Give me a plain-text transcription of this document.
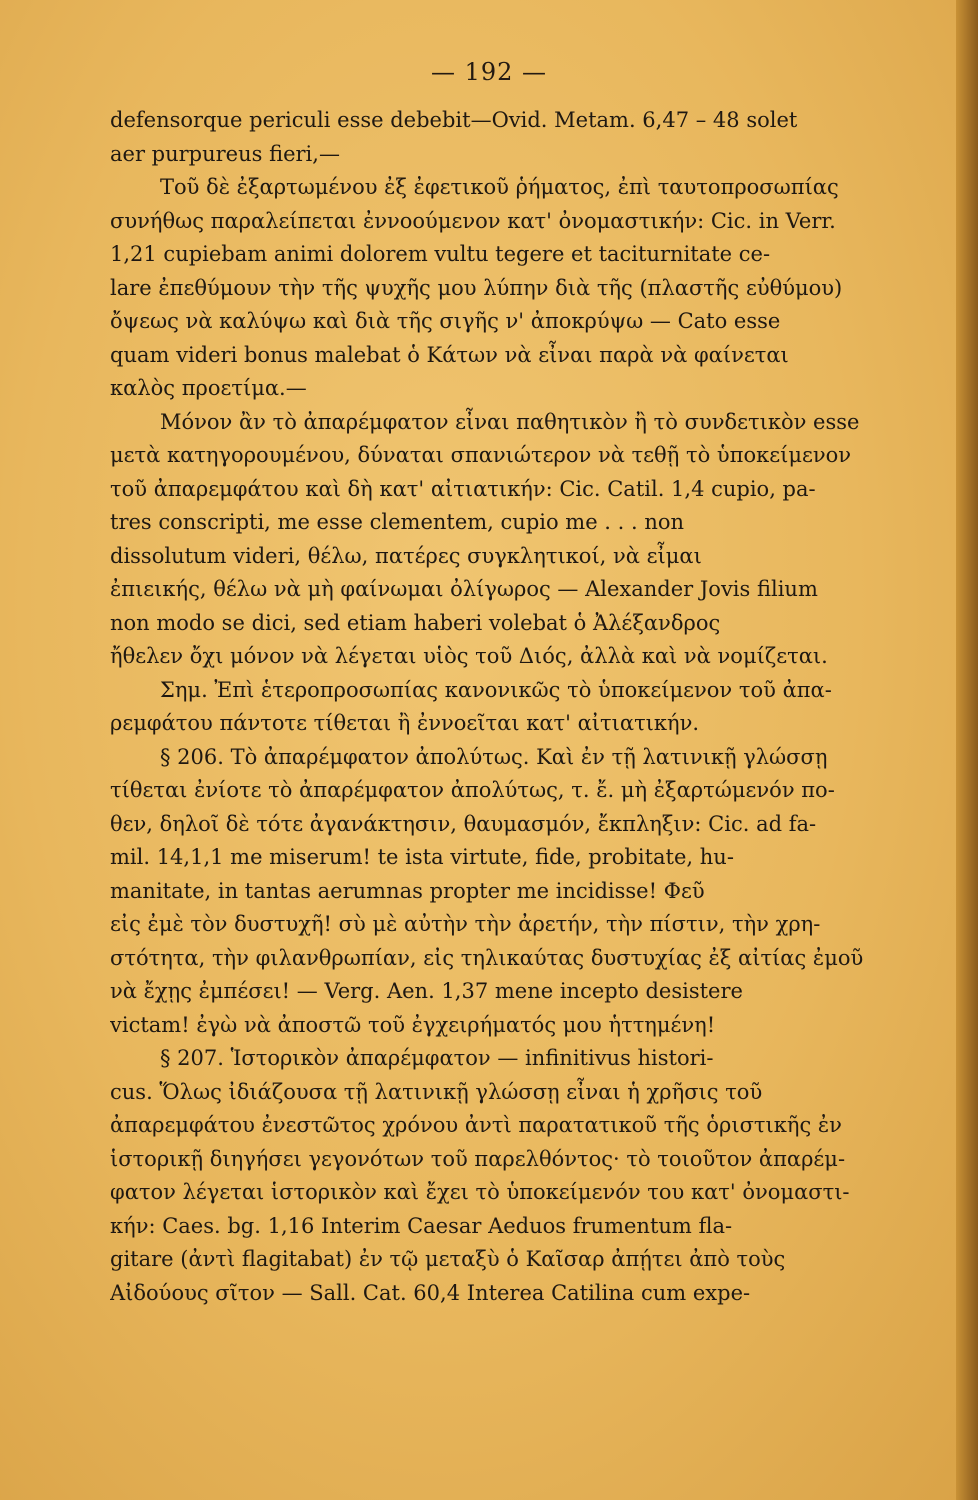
— 192 —
defensorque periculi esse debebit—Ovid. Metam. 6,47 – 48 solet
aer purpureus fieri,—
Τοῦ δὲ ἐξαρτωμένου ἐξ ἐφετικοῦ ῥήματος, ἐπὶ ταυτοπροσωπίας
συνήθως παραλείπεται ἐννοούμενον κατ' ὀνομαστικήν: Cic. in Verr.
1,21 cupiebam animi dolorem vultu tegere et taciturnitate ce-
lare ἐπεθύμουν τὴν τῆς ψυχῆς μου λύπην διὰ τῆς (πλαστῆς εὐθύμου)
ὄψεως νὰ καλύψω καὶ διὰ τῆς σιγῆς ν' ἀποκρύψω — Cato esse
quam videri bonus malebat ὁ Κάτων νὰ εἶναι παρὰ νὰ φαίνεται
καλὸς προετίμα.—
Μόνον ἂν τὸ ἀπαρέμφατον εἶναι παθητικὸν ἢ τὸ συνδετικὸν esse
μετὰ κατηγορουμένου, δύναται σπανιώτερον νὰ τεθῇ τὸ ὑποκείμενον
τοῦ ἀπαρεμφάτου καὶ δὴ κατ' αἰτιατικήν: Cic. Catil. 1,4 cupio, pa-
tres conscripti, me esse clementem, cupio me . . . non
dissolutum videri, θέλω, πατέρες συγκλητικοί, νὰ εἶμαι
ἐπιεικής, θέλω νὰ μὴ φαίνωμαι ὀλίγωρος — Alexander Jovis filium
non modo se dici, sed etiam haberi volebat ὁ Ἀλέξανδρος
ἤθελεν ὄχι μόνον νὰ λέγεται υἱὸς τοῦ Διός, ἀλλὰ καὶ νὰ νομίζεται.
Σημ. Ἐπὶ ἑτεροπροσωπίας κανονικῶς τὸ ὑποκείμενον τοῦ ἀπα-
ρεμφάτου πάντοτε τίθεται ἢ ἐννοεῖται κατ' αἰτιατικήν.
§ 206. Τὸ ἀπαρέμφατον ἀπολύτως. Καὶ ἐν τῇ λατινικῇ γλώσσῃ
τίθεται ἐνίοτε τὸ ἀπαρέμφατον ἀπολύτως, τ. ἔ. μὴ ἐξαρτώμενόν πο-
θεν, δηλοῖ δὲ τότε ἀγανάκτησιν, θαυμασμόν, ἔκπληξιν: Cic. ad fa-
mil. 14,1,1 me miserum! te ista virtute, fide, probitate, hu-
manitate, in tantas aerumnas propter me incidisse! Φεῦ
εἰς ἐμὲ τὸν δυστυχῆ! σὺ μὲ αὐτὴν τὴν ἀρετήν, τὴν πίστιν, τὴν χρη-
στότητα, τὴν φιλανθρωπίαν, εἰς τηλικαύτας δυστυχίας ἐξ αἰτίας ἐμοῦ
νὰ ἔχῃς ἐμπέσει! — Verg. Aen. 1,37 mene incepto desistere
victam! ἐγὼ νὰ ἀποστῶ τοῦ ἐγχειρήματός μου ἡττημένη!
§ 207. Ἱστορικὸν ἀπαρέμφατον — infinitivus histori-
cus. Ὅλως ἰδιάζουσα τῇ λατινικῇ γλώσσῃ εἶναι ἡ χρῆσις τοῦ
ἀπαρεμφάτου ἐνεστῶτος χρόνου ἀντὶ παρατατικοῦ τῆς ὁριστικῆς ἐν
ἱστορικῇ διηγήσει γεγονότων τοῦ παρελθόντος· τὸ τοιοῦτον ἀπαρέμ-
φατον λέγεται ἱστορικὸν καὶ ἔχει τὸ ὑποκείμενόν του κατ' ὀνομαστι-
κήν: Caes. bg. 1,16 Interim Caesar Aeduos frumentum fla-
gitare (ἀντὶ flagitabat) ἐν τῷ μεταξὺ ὁ Καῖσαρ ἀπῄτει ἀπὸ τοὺς
Αἰδούους σῖτον — Sall. Cat. 60,4 Interea Catilina cum expe-
